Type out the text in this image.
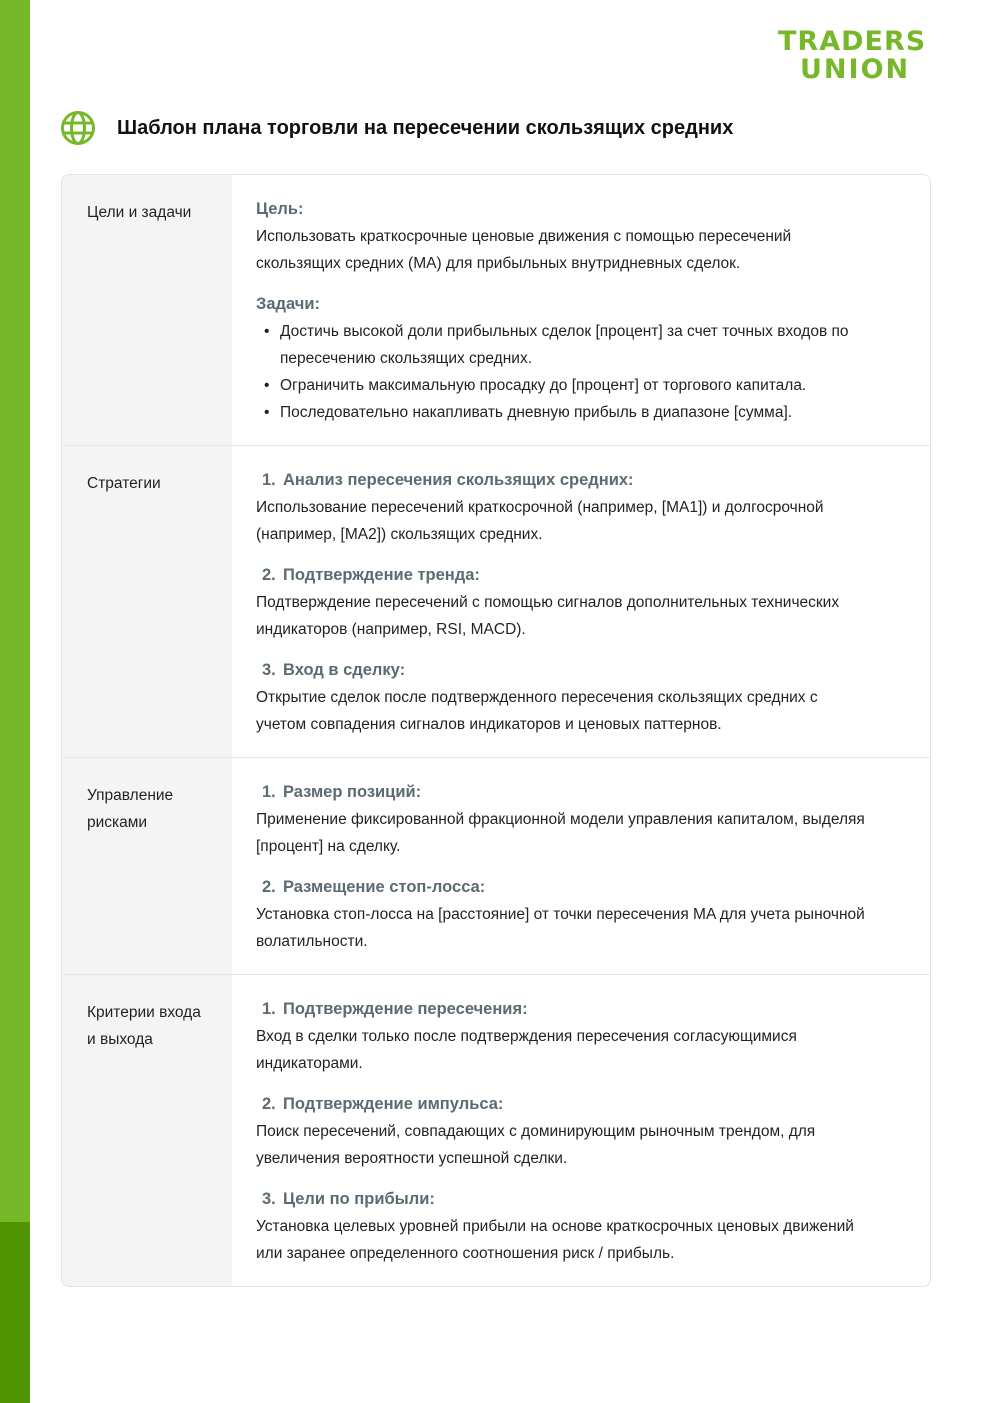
TRADERS
UNION
Шаблон плана торговли на пересечении скользящих средних
Цели и задачи	Цель:
Использовать краткосрочные ценовые движения с помощью пересечений
скользящих средних (MA) для прибыльных внутридневных сделок.
Задачи:
• Достичь высокой доли прибыльных сделок [процент] за счет точных входов по
пересечению скользящих средних.
• Ограничить максимальную просадку до [процент] от торгового капитала.
• Последовательно накапливать дневную прибыль в диапазоне [сумма].
Стратегии	1. Анализ пересечения скользящих средних:
Использование пересечений краткосрочной (например, [MA1]) и долгосрочной
(например, [MA2]) скользящих средних.
2. Подтверждение тренда:
Подтверждение пересечений с помощью сигналов дополнительных технических
индикаторов (например, RSI, MACD).
3. Вход в сделку:
Открытие сделок после подтвержденного пересечения скользящих средних с
учетом совпадения сигналов индикаторов и ценовых паттернов.
Управление
рисками
1. Размер позиций:
Применение фиксированной фракционной модели управления капиталом, выделяя
[процент] на сделку.
2. Размещение стоп-лосса:
Установка стоп-лосса на [расстояние] от точки пересечения MA для учета рыночной
волатильности.
Критерии входа
и выхода
1. Подтверждение пересечения:
Вход в сделки только после подтверждения пересечения согласующимися
индикаторами.
2. Подтверждение импульса:
Поиск пересечений, совпадающих с доминирующим рыночным трендом, для
увеличения вероятности успешной сделки.
3. Цели по прибыли:
Установка целевых уровней прибыли на основе краткосрочных ценовых движений
или заранее определенного соотношения риск / прибыль.
